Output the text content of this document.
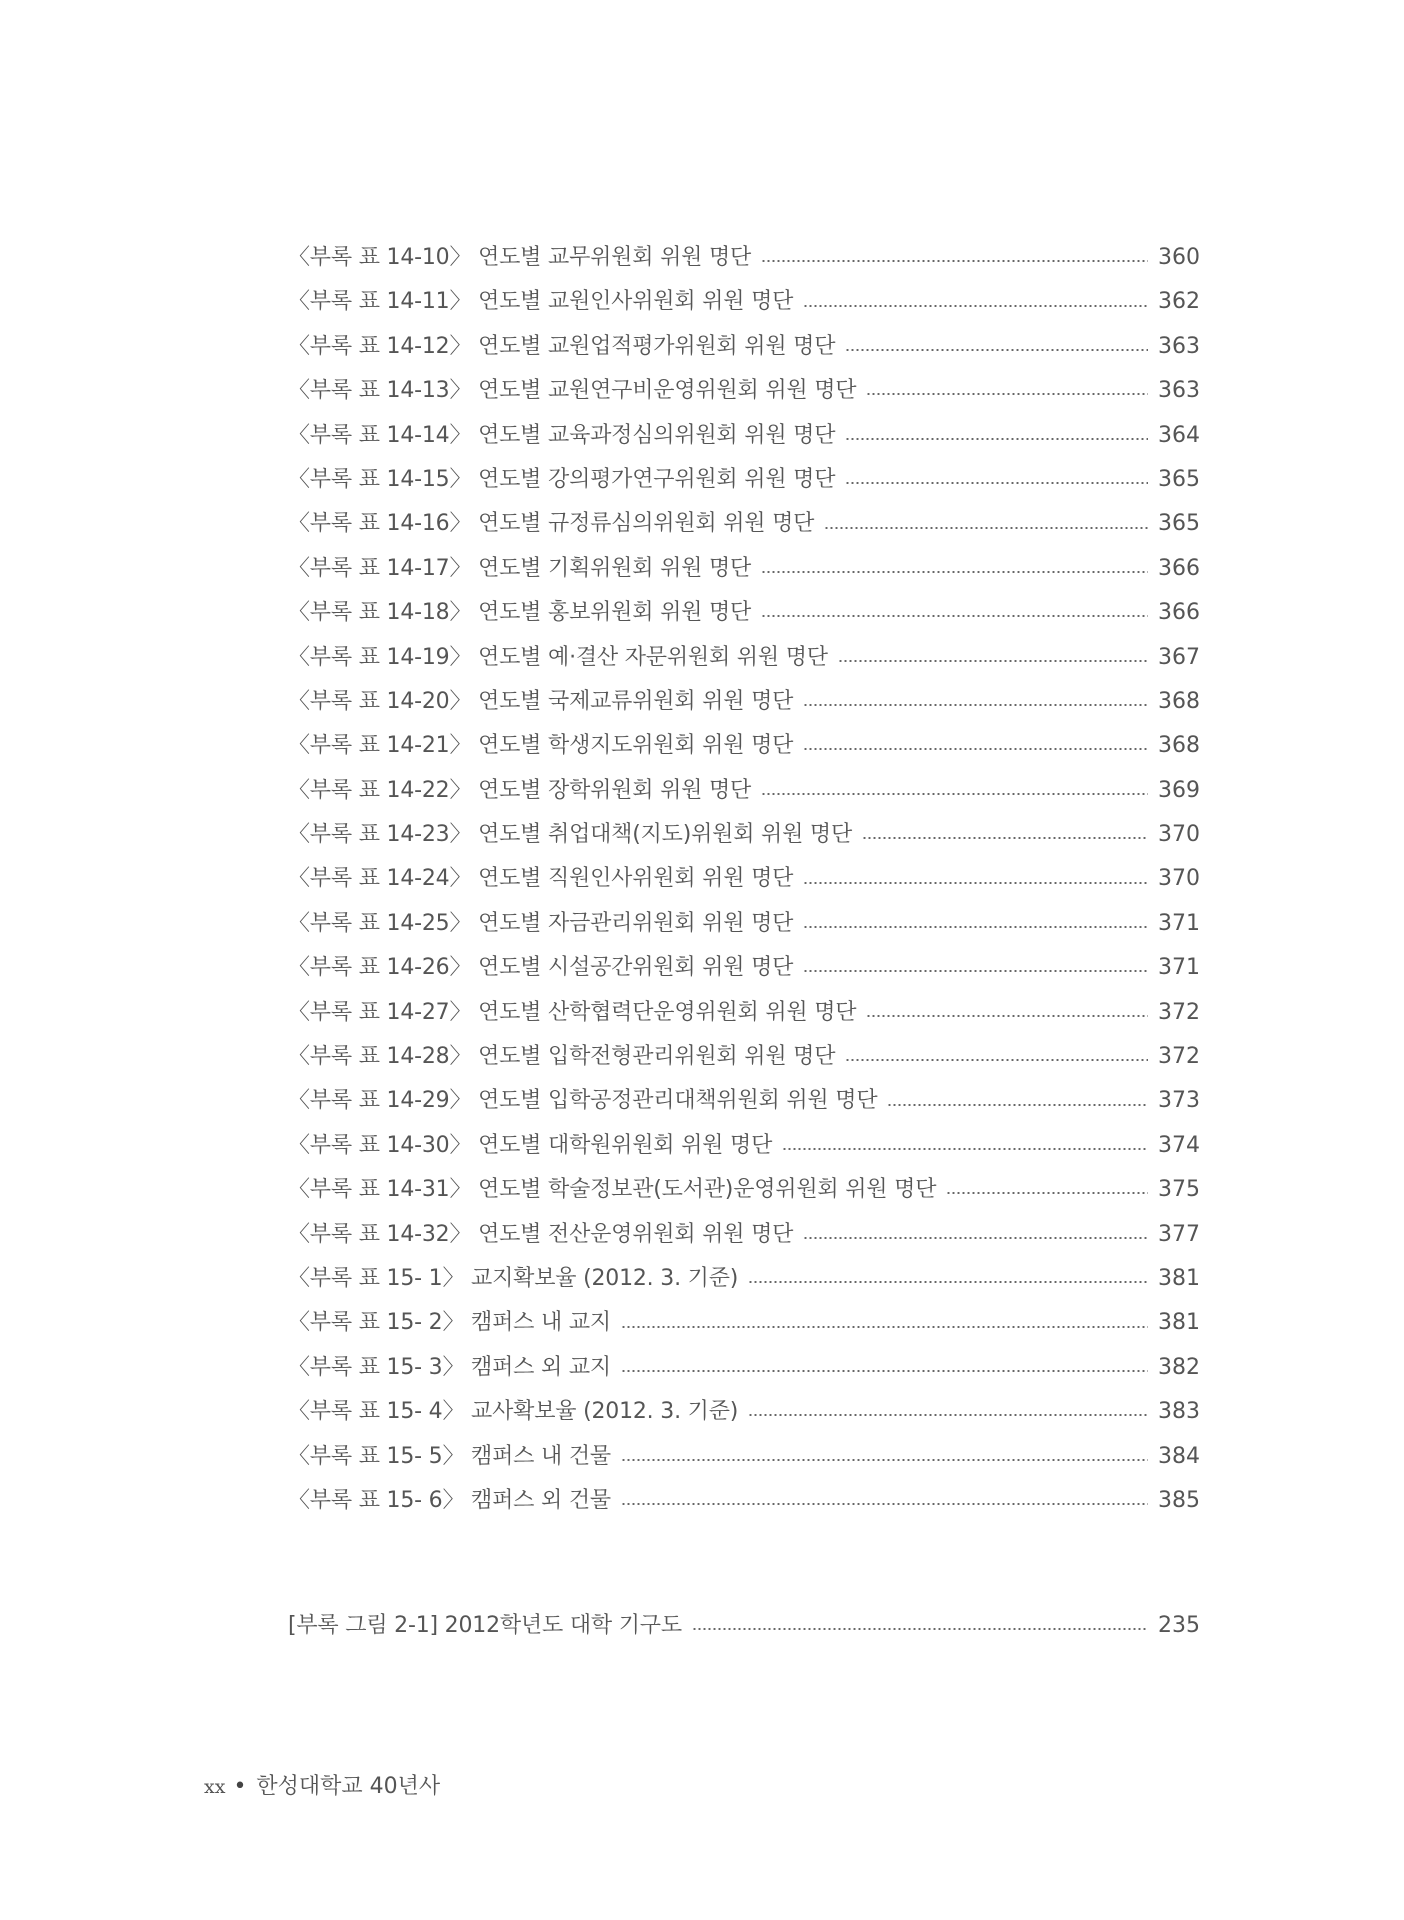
〈부록 표 14-10〉 연도별 교무위원회 위원 명단	360
〈부록 표 14-11〉 연도별 교원인사위원회 위원 명단	362
〈부록 표 14-12〉 연도별 교원업적평가위원회 위원 명단	363
〈부록 표 14-13〉 연도별 교원연구비운영위원회 위원 명단	363
〈부록 표 14-14〉 연도별 교육과정심의위원회 위원 명단	364
〈부록 표 14-15〉 연도별 강의평가연구위원회 위원 명단	365
〈부록 표 14-16〉 연도별 규정류심의위원회 위원 명단	365
〈부록 표 14-17〉 연도별 기획위원회 위원 명단	366
〈부록 표 14-18〉 연도별 홍보위원회 위원 명단	366
〈부록 표 14-19〉 연도별 예·결산 자문위원회 위원 명단	367
〈부록 표 14-20〉 연도별 국제교류위원회 위원 명단	368
〈부록 표 14-21〉 연도별 학생지도위원회 위원 명단	368
〈부록 표 14-22〉 연도별 장학위원회 위원 명단	369
〈부록 표 14-23〉 연도별 취업대책(지도)위원회 위원 명단	370
〈부록 표 14-24〉 연도별 직원인사위원회 위원 명단	370
〈부록 표 14-25〉 연도별 자금관리위원회 위원 명단	371
〈부록 표 14-26〉 연도별 시설공간위원회 위원 명단	371
〈부록 표 14-27〉 연도별 산학협력단운영위원회 위원 명단	372
〈부록 표 14-28〉 연도별 입학전형관리위원회 위원 명단	372
〈부록 표 14-29〉 연도별 입학공정관리대책위원회 위원 명단	373
〈부록 표 14-30〉 연도별 대학원위원회 위원 명단	374
〈부록 표 14-31〉 연도별 학술정보관(도서관)운영위원회 위원 명단	375
〈부록 표 14-32〉 연도별 전산운영위원회 위원 명단	377
〈부록 표 15- 1〉 교지확보율 (2012. 3. 기준)	381
〈부록 표 15- 2〉 캠퍼스 내 교지	381
〈부록 표 15- 3〉 캠퍼스 외 교지	382
〈부록 표 15- 4〉 교사확보율 (2012. 3. 기준)	383
〈부록 표 15- 5〉 캠퍼스 내 건물	384
〈부록 표 15- 6〉 캠퍼스 외 건물	385
[부록 그림 2-1] 2012학년도 대학 기구도	235
xx • 한성대학교 40년사
